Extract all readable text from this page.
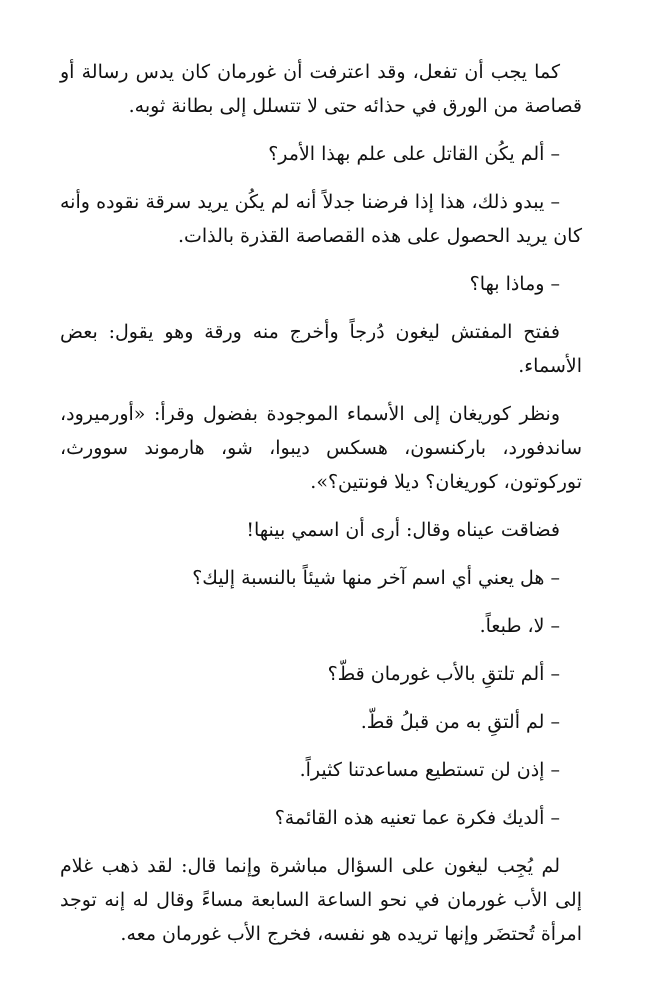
كما يجب أن تفعل، وقد اعترفت أن غورمان كان يدس رسالة أو قصاصة من الورق في حذائه حتى لا تتسلل إلى بطانة ثوبه.

– ألم يكُن القاتل على علم بهذا الأمر؟

– يبدو ذلك، هذا إذا فرضنا جدلاً أنه لم يكُن يريد سرقة نقوده وأنه كان يريد الحصول على هذه القصاصة القذرة بالذات.

– وماذا بها؟

ففتح المفتش ليغون دُرجاً وأخرج منه ورقة وهو يقول: بعض الأسماء.

ونظر كوريغان إلى الأسماء الموجودة بفضول وقرأ: «أورميرود، ساندفورد، باركنسون، هسكس ديبوا، شو، هارموند سوورث، توركوتون، كوريغان؟ ديلا فونتين؟».

فضاقت عيناه وقال: أرى أن اسمي بينها!

– هل يعني أي اسم آخر منها شيئاً بالنسبة إليك؟

– لا، طبعاً.

– ألم تلتقِ بالأب غورمان قطّ؟

– لم ألتقِ به من قبلُ قطّ.

– إذن لن تستطيع مساعدتنا كثيراً.

– ألديك فكرة عما تعنيه هذه القائمة؟

لم يُجِب ليغون على السؤال مباشرة وإنما قال: لقد ذهب غلام إلى الأب غورمان في نحو الساعة السابعة مساءً وقال له إنه توجد امرأة تُحتضَر وإنها تريده هو نفسه، فخرج الأب غورمان معه.
